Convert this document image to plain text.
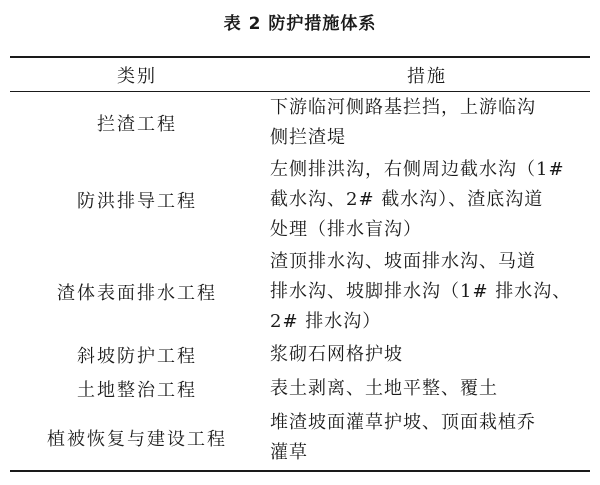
表 2 防护措施体系
类别	措施
拦渣工程	下游临河侧路基拦挡，上游临沟
侧拦渣堤

防洪排导工程	左侧排洪沟，右侧周边截水沟（1#
截水沟、2# 截水沟）、渣底沟道
处理（排水盲沟）

渣体表面排水工程	渣顶排水沟、坡面排水沟、马道
排水沟、坡脚排水沟（1# 排水沟、
2# 排水沟）

斜坡防护工程	浆砌石网格护坡

土地整治工程	表土剥离、土地平整、覆土

植被恢复与建设工程	堆渣坡面灌草护坡、顶面栽植乔
灌草
